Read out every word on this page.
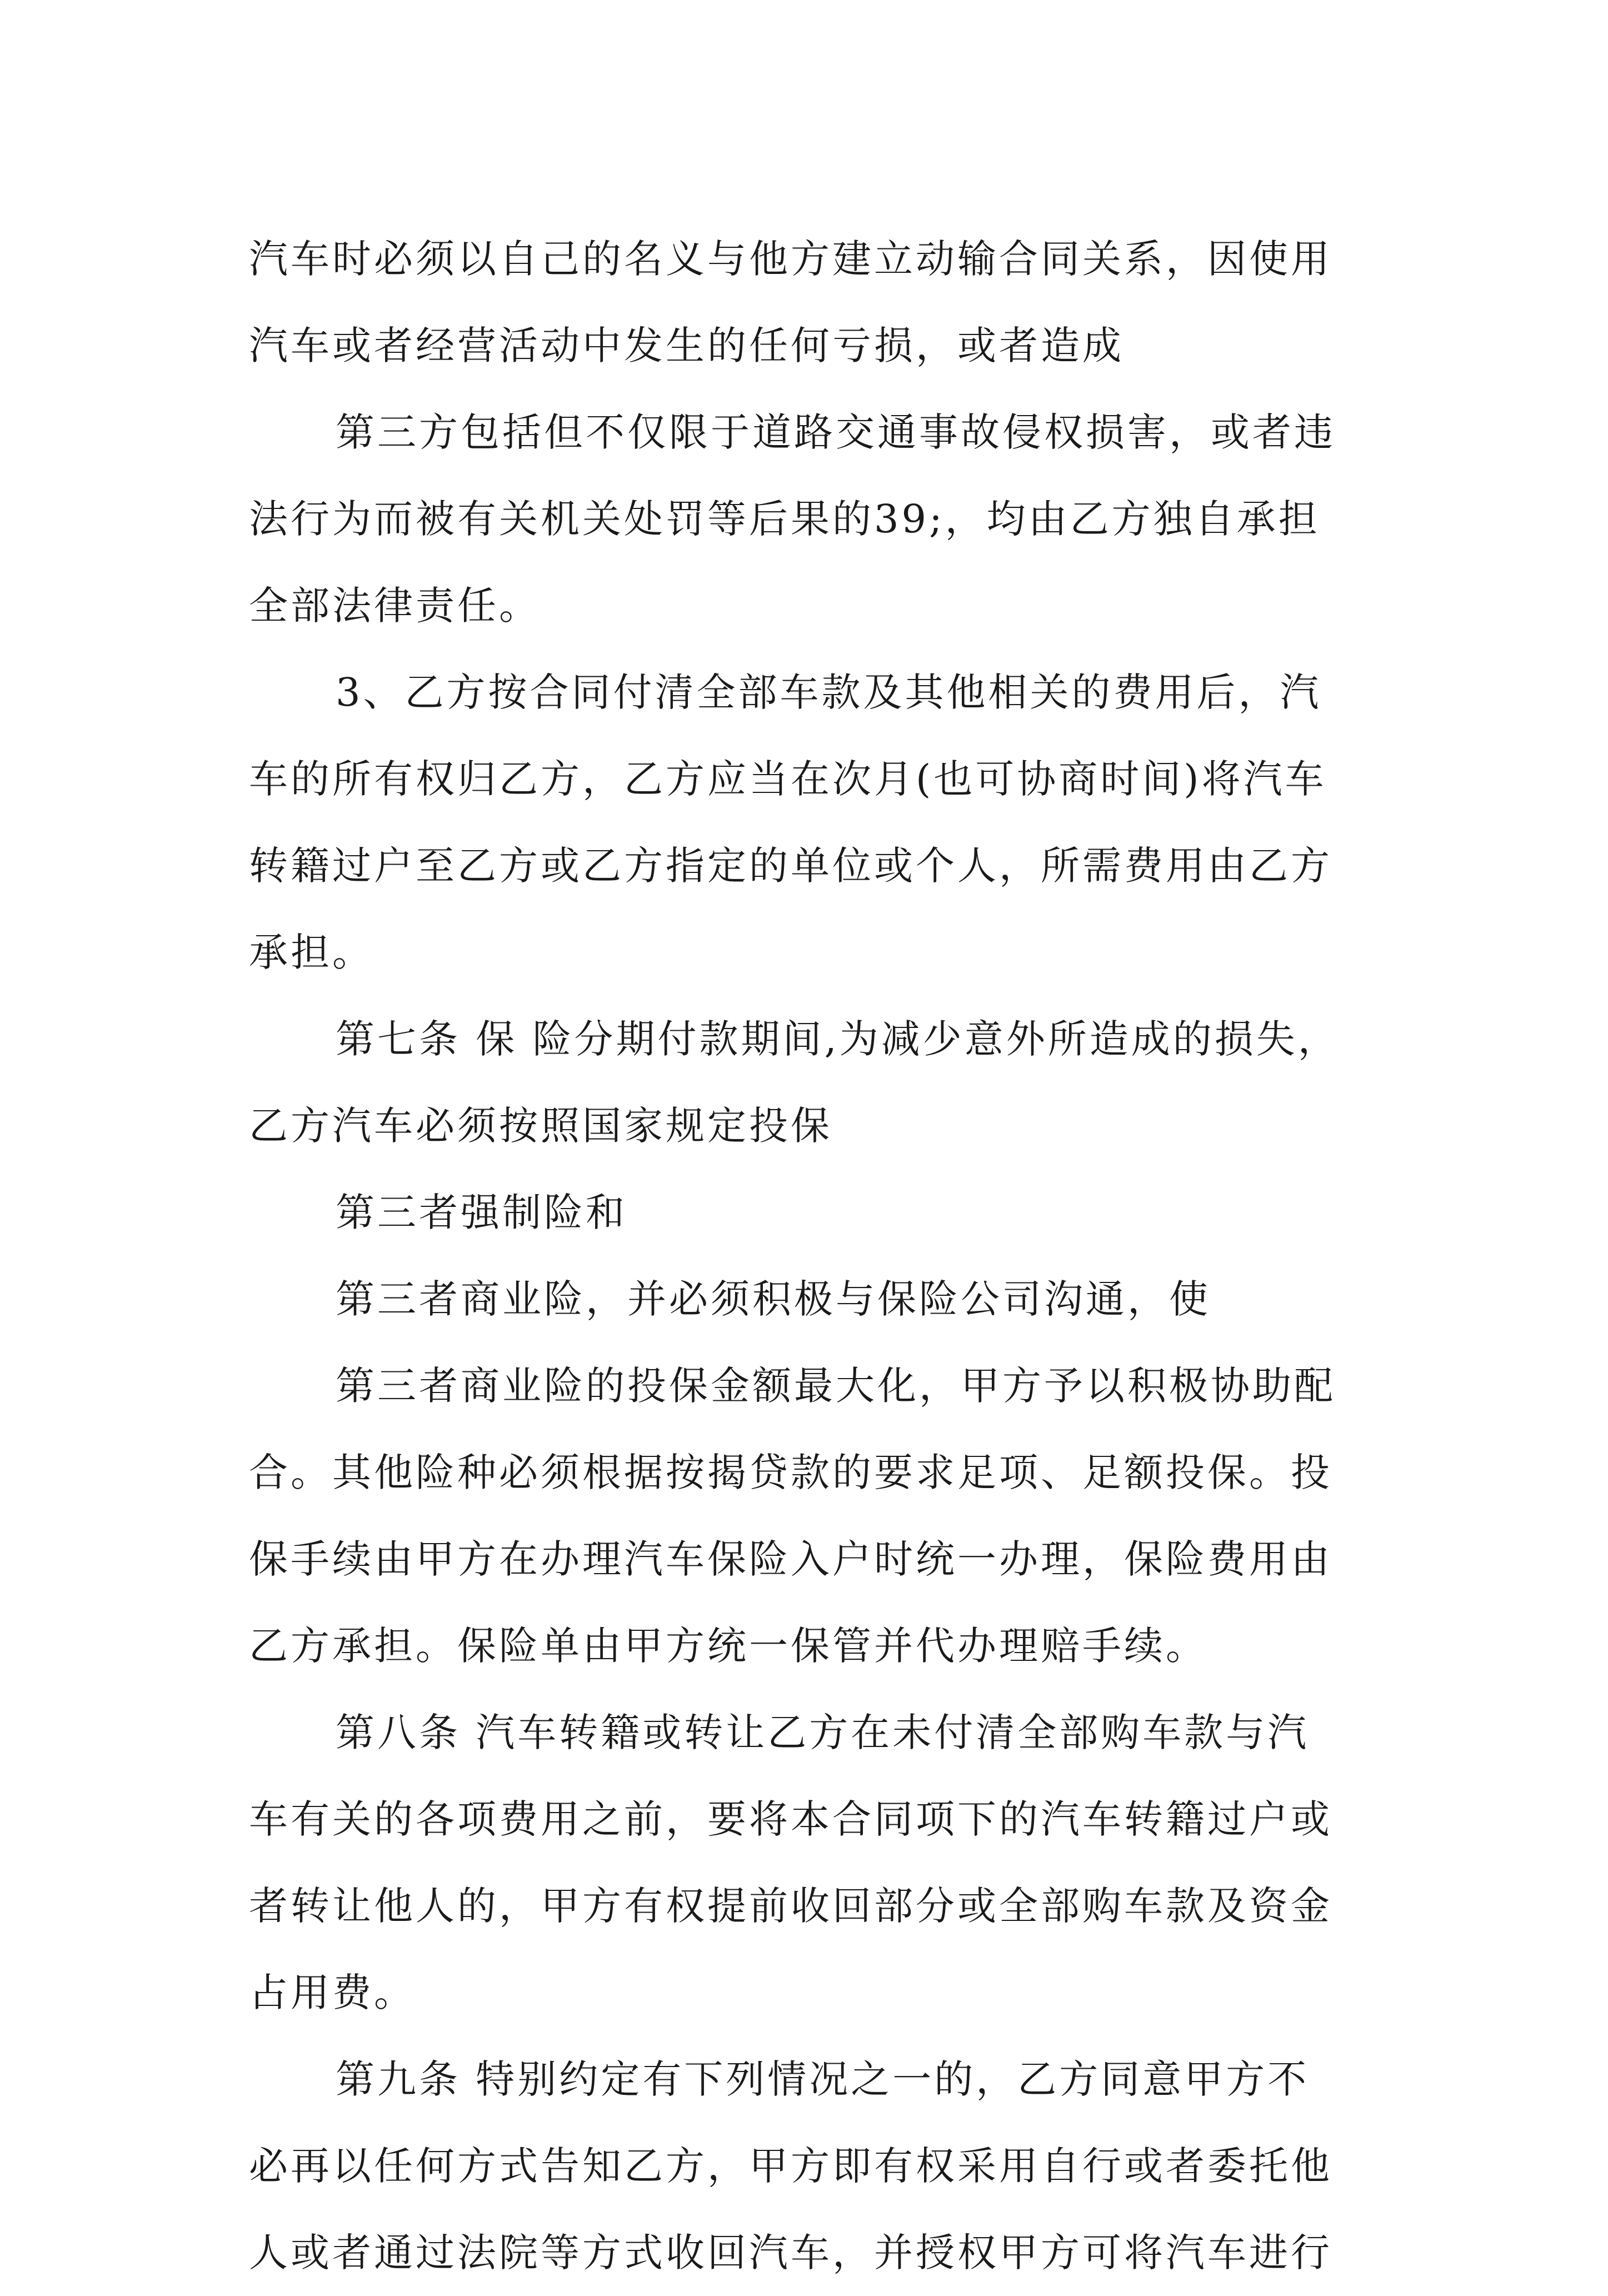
汽车时必须以自己的名义与他方建立动输合同关系，因使用
汽车或者经营活动中发生的任何亏损，或者造成
第三方包括但不仅限于道路交通事故侵权损害，或者违
法行为而被有关机关处罚等后果的39;，均由乙方独自承担
全部法律责任。
3、乙方按合同付清全部车款及其他相关的费用后，汽
车的所有权归乙方，乙方应当在次月(也可协商时间)将汽车
转籍过户至乙方或乙方指定的单位或个人，所需费用由乙方
承担。
第七条 保 险分期付款期间,为减少意外所造成的损失，
乙方汽车必须按照国家规定投保
第三者强制险和
第三者商业险，并必须积极与保险公司沟通，使
第三者商业险的投保金额最大化，甲方予以积极协助配
合。其他险种必须根据按揭贷款的要求足项、足额投保。投
保手续由甲方在办理汽车保险入户时统一办理，保险费用由
乙方承担。保险单由甲方统一保管并代办理赔手续。
第八条 汽车转籍或转让乙方在未付清全部购车款与汽
车有关的各项费用之前，要将本合同项下的汽车转籍过户或
者转让他人的，甲方有权提前收回部分或全部购车款及资金
占用费。
第九条 特别约定有下列情况之一的，乙方同意甲方不
必再以任何方式告知乙方，甲方即有权采用自行或者委托他
人或者通过法院等方式收回汽车，并授权甲方可将汽车进行
